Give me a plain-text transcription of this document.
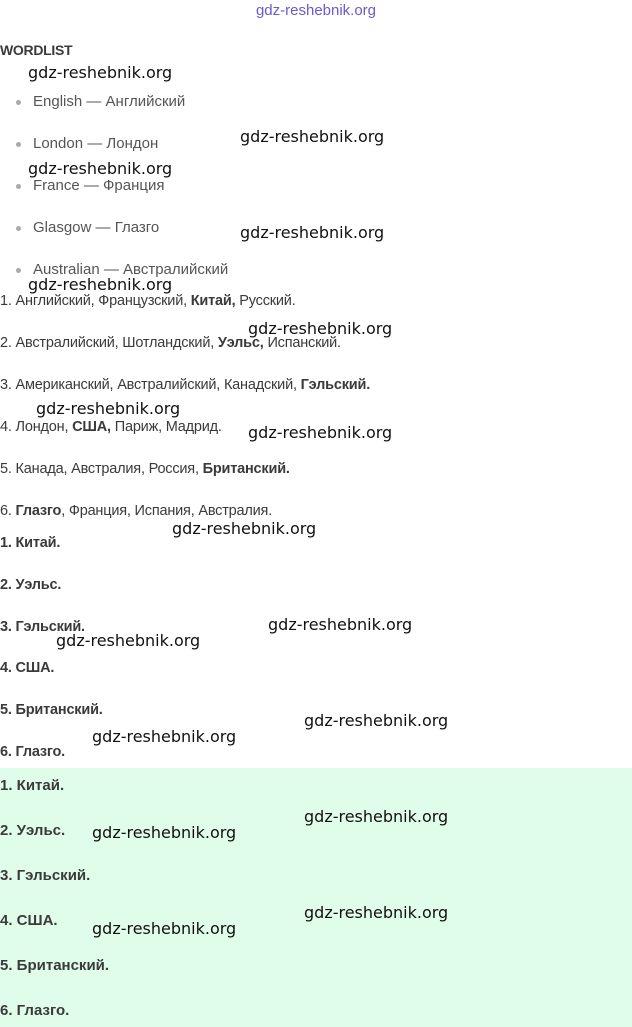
gdz-reshebnik.org
WORDLIST
English — Английский
London — Лондон
France — Франция
Glasgow — Глазго
Australian — Австралийский
1. Английский, Французский, Китай, Русский.
2. Австралийский, Шотландский, Уэльс, Испанский.
3. Американский, Австралийский, Канадский, Гэльский.
4. Лондон, США, Париж, Мадрид.
5. Канада, Австралия, Россия, Британский.
6. Глазго, Франция, Испания, Австралия.
1. Китай.
2. Уэльс.
3. Гэльский.
4. США.
5. Британский.
6. Глазго.
1. Китай.
2. Уэльс.
3. Гэльский.
4. США.
5. Британский.
6. Глазго.
gdz-reshebnik.org
gdz-reshebnik.org
gdz-reshebnik.org
gdz-reshebnik.org
gdz-reshebnik.org
gdz-reshebnik.org
gdz-reshebnik.org
gdz-reshebnik.org
gdz-reshebnik.org
gdz-reshebnik.org
gdz-reshebnik.org
gdz-reshebnik.org
gdz-reshebnik.org
gdz-reshebnik.org
gdz-reshebnik.org
gdz-reshebnik.org
gdz-reshebnik.org
